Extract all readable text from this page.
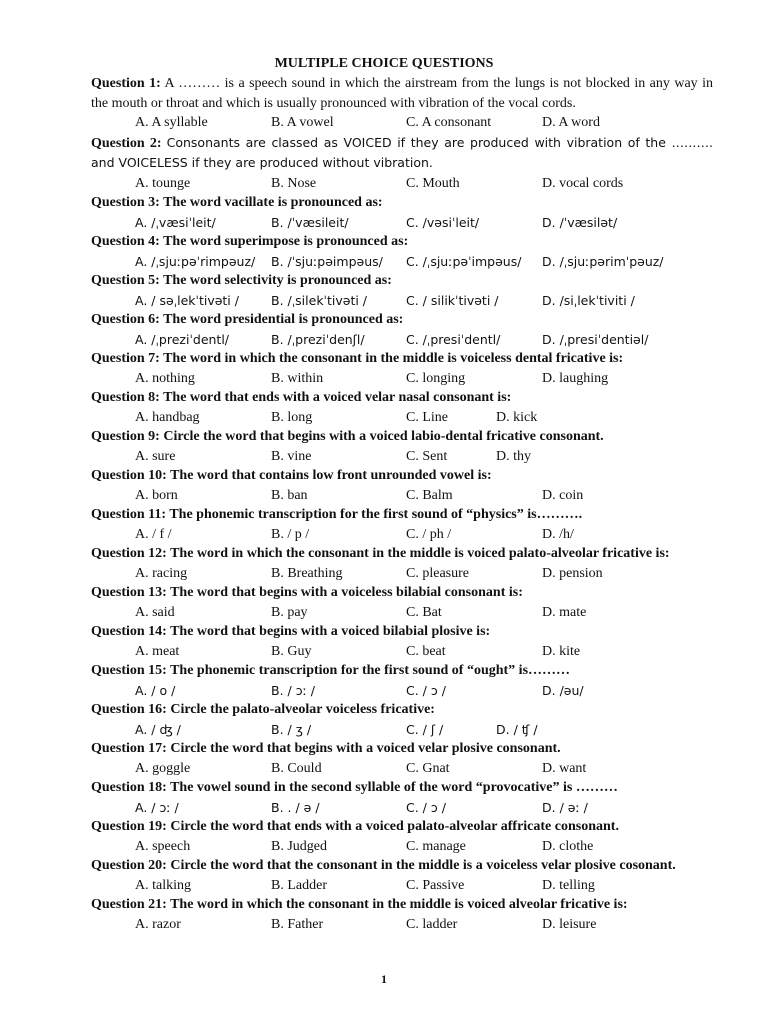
MULTIPLE CHOICE QUESTIONS
Question 1: A ……… is a speech sound in which the airstream from the lungs is not blocked in any way in the mouth or throat and which is usually pronounced with vibration of the vocal cords.
A. A syllable	B. A vowel	C. A consonant	D. A word
Question 2: Consonants are classed as VOICED if they are produced with vibration of the ………. and VOICELESS if they are produced without vibration.
A. tounge	B. Nose	C. Mouth	D. vocal cords
Question 3: The word vacillate is pronounced as:
A. /ˌvæsiˈleit/	B. /ˈvæsileit/	C. /vəsiˈleit/	D. /ˈvæsilət/
Question 4: The word superimpose is pronounced as:
A. /ˌsjuːpəˈrimpəuz/ B. /ˈsjuːpəimpəus/ C. /ˌsjuːpəˈimpəus/ D. /ˌsjuːpərimˈpəuz/
Question 5: The word selectivity is pronounced as:
A. / səˌlekˈtivəti /	B. /ˌsilekˈtivəti /	C. / silikˈtivəti /	D. /siˌlekˈtiviti /
Question 6: The word presidential is pronounced as:
A. /ˌpreziˈdentl/	B. /ˌpreziˈdenʃl/	C. /ˌpresiˈdentl/	D. /ˌpresiˈdentiəl/
Question 7: The word in which the consonant in the middle is voiceless dental fricative is:
A. nothing	B. within	C. longing	D. laughing
Question 8: The word that ends with a voiced velar nasal consonant is:
A. handbag	B. long	C. Line	D. kick
Question 9: Circle the word that begins with a voiced labio-dental fricative consonant.
A. sure	B. vine	C. Sent	D. thy
Question 10: The word that contains low front unrounded vowel is:
A. born	B. ban	C. Balm	D. coin
Question 11: The phonemic transcription for the first sound of “physics” is……….
A. / f /	B. / p /	C. / ph /	D. /h/
Question 12: The word in which the consonant in the middle is voiced palato-alveolar fricative is:
A. racing	B. Breathing	C. pleasure	D. pension
Question 13: The word that begins with a voiceless bilabial consonant is:
A. said	B. pay	C. Bat	D. mate
Question 14: The word that begins with a voiced bilabial plosive is:
A. meat	B. Guy	C. beat	D. kite
Question 15: The phonemic transcription for the first sound of “ought” is………
A. / o /	B. / ɔː /	C. / ɔ /	D. /əu/
Question 16: Circle the palato-alveolar voiceless fricative:
A. / ʤ /	B. / ʒ /	C. / ʃ /	D. / ʧ /
Question 17: Circle the word that begins with a voiced velar plosive consonant.
A. goggle	B. Could	C. Gnat	D. want
Question 18: The vowel sound in the second syllable of the word “provocative” is ………
A. / ɔː /	B. . / ə /	C. / ɔ /	D. / əː /
Question 19: Circle the word that ends with a voiced palato-alveolar affricate consonant.
A. speech	B. Judged	C. manage	D. clothe
Question 20: Circle the word that the consonant in the middle is a voiceless velar plosive cosonant.
A. talking	B. Ladder	C. Passive	D. telling
Question 21: The word in which the consonant in the middle is voiced alveolar fricative is:
A. razor	B. Father	C. ladder	D. leisure
1
